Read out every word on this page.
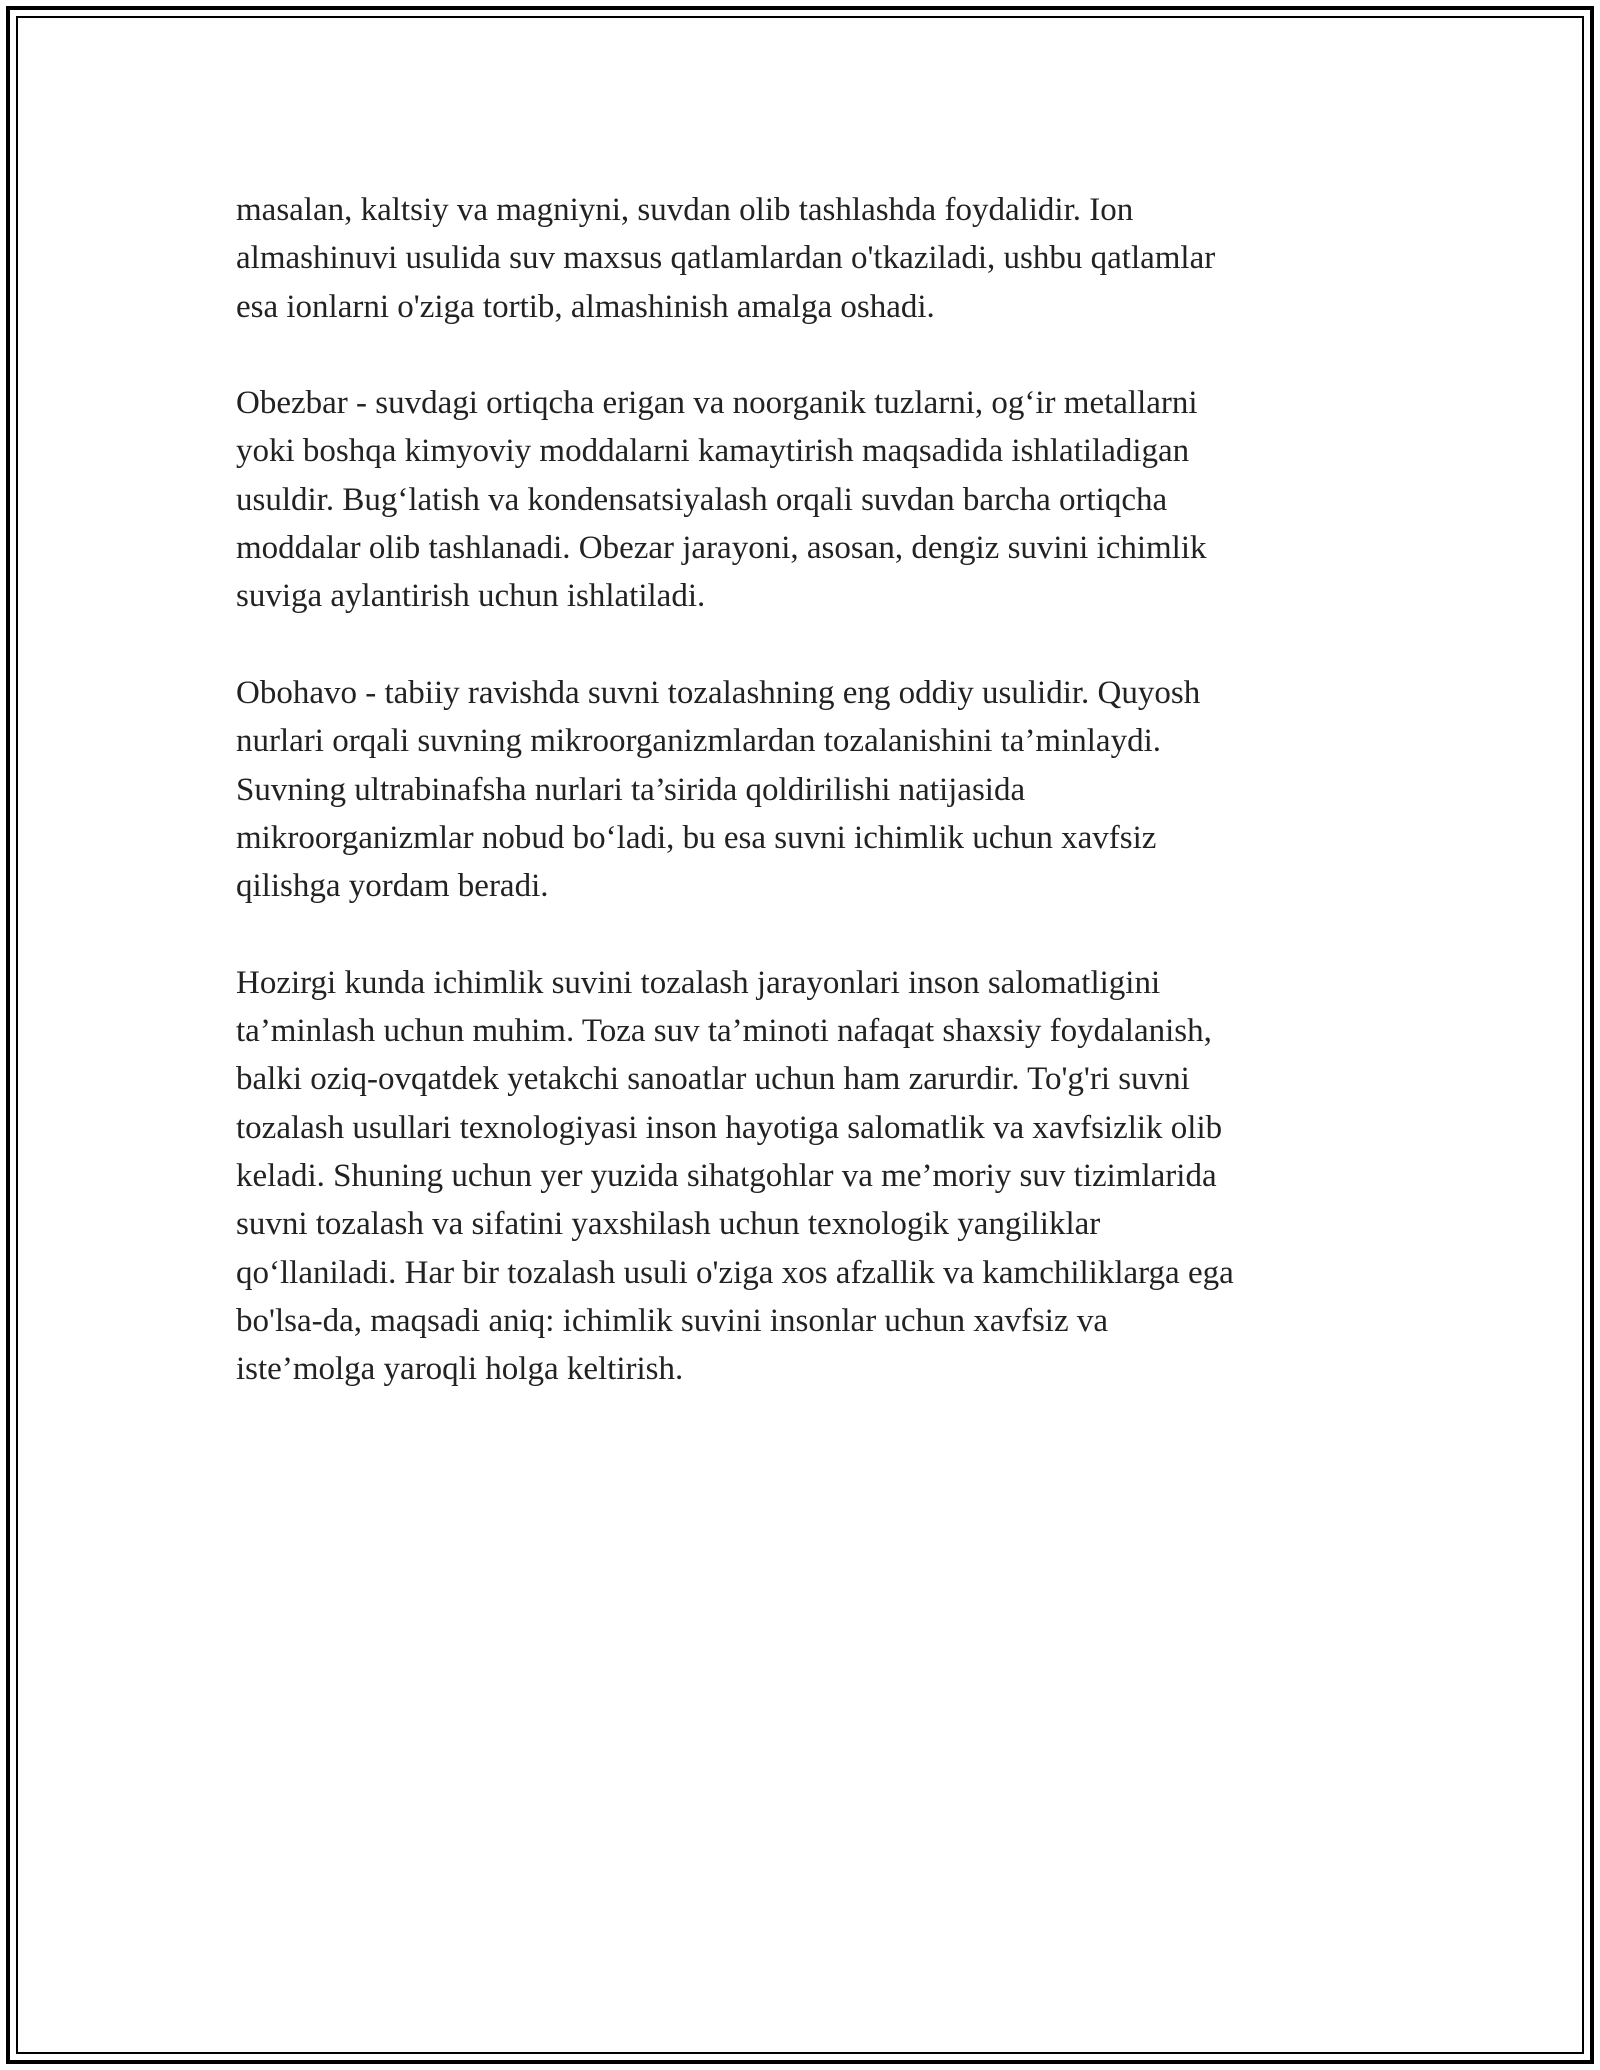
masalan, kaltsiy va magniyni, suvdan olib tashlashda foydalidir. Ion
almashinuvi usulida suv maxsus qatlamlardan o'tkaziladi, ushbu qatlamlar
esa ionlarni o'ziga tortib, almashinish amalga oshadi.

Obezbar - suvdagi ortiqcha erigan va noorganik tuzlarni, og‘ir metallarni
yoki boshqa kimyoviy moddalarni kamaytirish maqsadida ishlatiladigan
usuldir. Bug‘latish va kondensatsiyalash orqali suvdan barcha ortiqcha
moddalar olib tashlanadi. Obezar jarayoni, asosan, dengiz suvini ichimlik
suviga aylantirish uchun ishlatiladi.

Obohavo - tabiiy ravishda suvni tozalashning eng oddiy usulidir. Quyosh
nurlari orqali suvning mikroorganizmlardan tozalanishini ta’minlaydi.
Suvning ultrabinafsha nurlari ta’sirida qoldirilishi natijasida
mikroorganizmlar nobud bo‘ladi, bu esa suvni ichimlik uchun xavfsiz
qilishga yordam beradi.

Hozirgi kunda ichimlik suvini tozalash jarayonlari inson salomatligini
ta’minlash uchun muhim. Toza suv ta’minoti nafaqat shaxsiy foydalanish,
balki oziq-ovqatdek yetakchi sanoatlar uchun ham zarurdir. To'g'ri suvni
tozalash usullari texnologiyasi inson hayotiga salomatlik va xavfsizlik olib
keladi. Shuning uchun yer yuzida sihatgohlar va me’moriy suv tizimlarida
suvni tozalash va sifatini yaxshilash uchun texnologik yangiliklar
qo‘llaniladi. Har bir tozalash usuli o'ziga xos afzallik va kamchiliklarga ega
bo'lsa-da, maqsadi aniq: ichimlik suvini insonlar uchun xavfsiz va
iste’molga yaroqli holga keltirish.
